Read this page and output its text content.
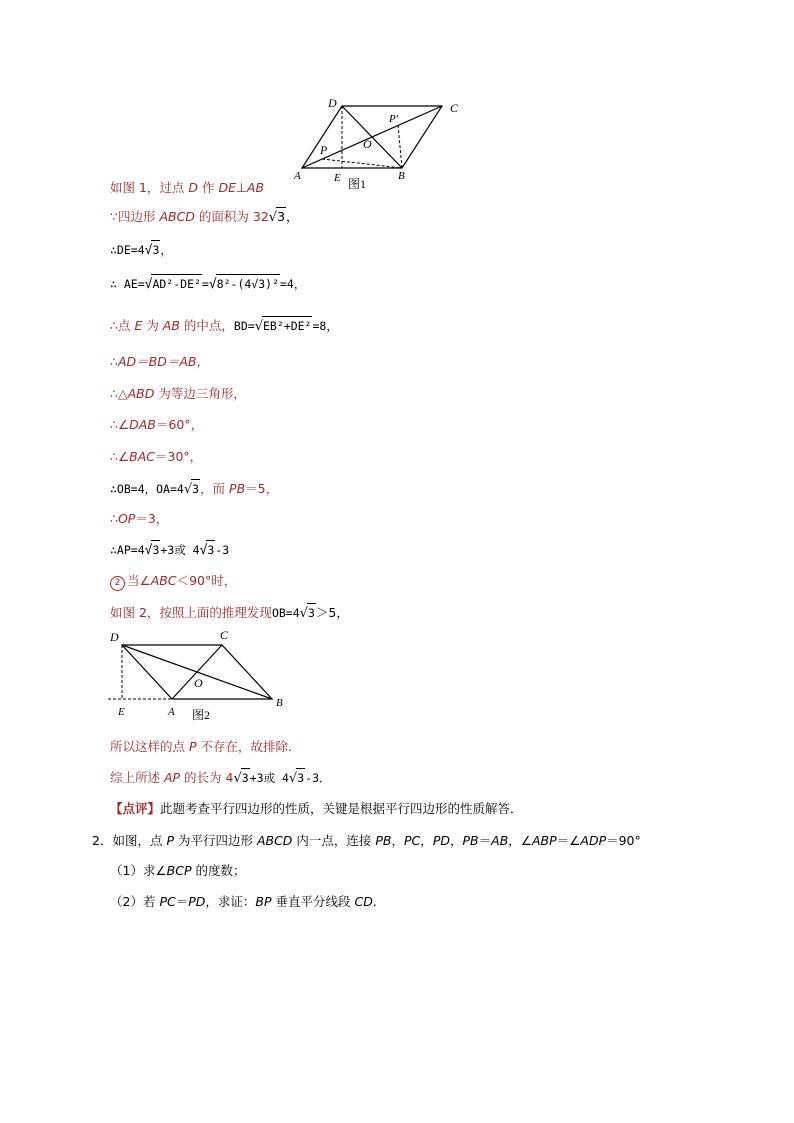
D	C
P′
P	O
A	E	B
图1
如图 1，过点 D 作 DE⊥AB
∵四边形 ABCD 的面积为 32√3，
∴DE=4√3，
∴ AE=√AD²-DE²=√8²-(4√3)²=4，
∴点 E 为 AB 的中点，BD=√EB²+DE²=8，
∴AD＝BD＝AB，
∴△ABD 为等边三角形，
∴∠DAB＝60°，
∴∠BAC＝30°，
∴OB=4，OA=4√3，而 PB＝5，
∴OP＝3，
∴AP=4√3+3或 4√3-3
2 当∠ABC＜90°时，
如图 2，按照上面的推理发现OB=4√3＞5，
D	C
O
E	A
B
图2
所以这样的点 P 不存在，故排除．
综上所述 AP 的长为 4√3+3或 4√3-3．
【点评】此题考查平行四边形的性质，关键是根据平行四边形的性质解答．
2．如图，点 P 为平行四边形 ABCD 内一点，连接 PB，PC，PD，PB＝AB，∠ABP＝∠ADP＝90°
（1）求∠BCP 的度数；
（2）若 PC＝PD，求证：BP 垂直平分线段 CD．
